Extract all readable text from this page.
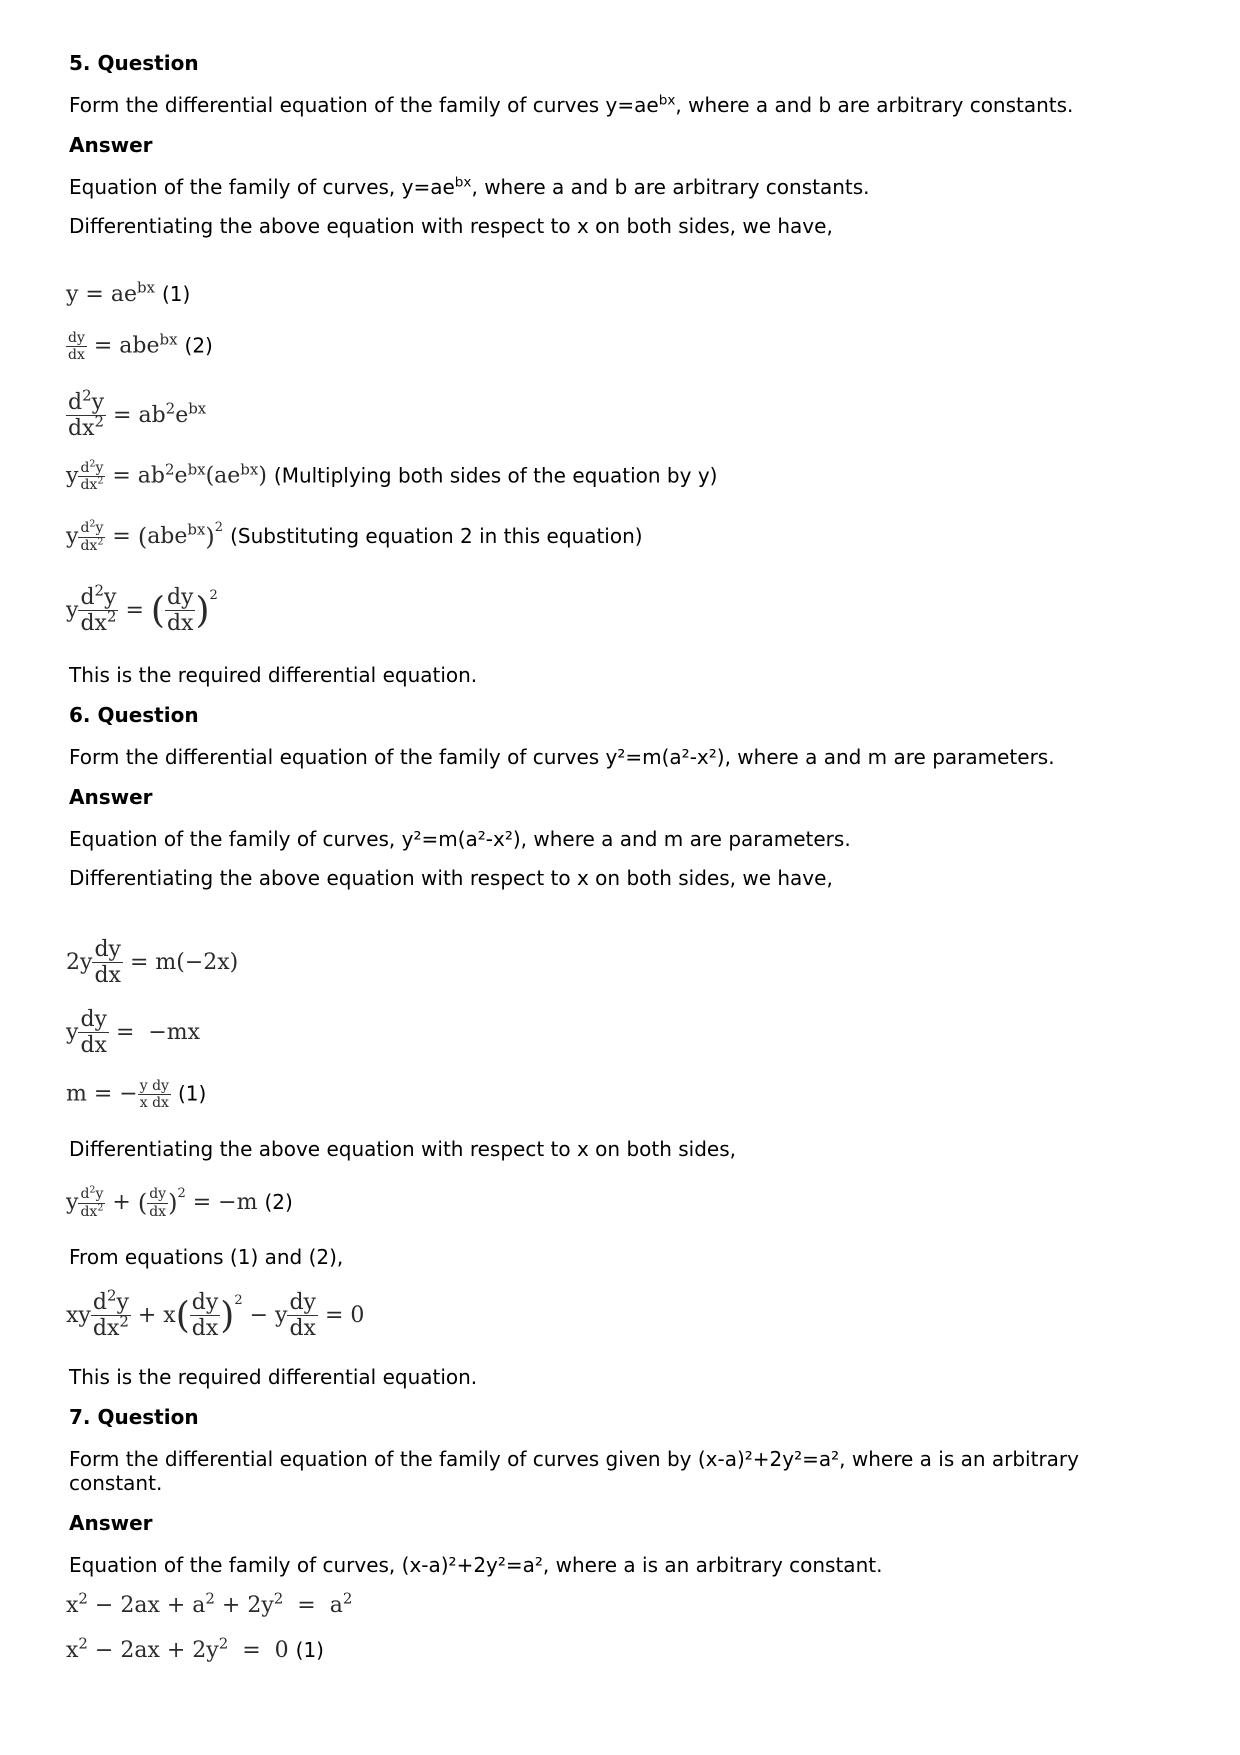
5. Question
Form the differential equation of the family of curves $y=ae^{bx}$, where a and b are arbitrary constants.
Answer
Equation of the family of curves, $y=ae^{bx}$, where a and b are arbitrary constants.
Differentiating the above equation with respect to x on both sides, we have,
$y = ae^{bx}$ (1)
$\frac{dy}{dx} = abe^{bx}$ (2)
$\frac{d^2y}{dx^2} = ab^2e^{bx}$
y $\frac{d^2y}{dx^2} = ab^2e^{bx}(ae^{bx})$ (Multiplying both sides of the equation by y)
y $\frac{d^2y}{dx^2} = (abe^{bx})^2$ (Substituting equation 2 in this equation)
y $\frac{d^2y}{dx^2}$ = ( $\frac{dy}{dx} )^2$
This is the required differential equation.
6. Question
Form the differential equation of the family of curves y²=m(a²-x²), where a and m are parameters.
Answer
Equation of the family of curves, y²=m(a²-x²), where a and m are parameters.
Differentiating the above equation with respect to x on both sides, we have,
$2y \frac{dy}{dx} = m(-2x)$
y $\frac{dy}{dx} = -mx$
m = − $\frac{\text{y dy}}{\text{x dx}} (1)$
Differentiating the above equation with respect to x on both sides,
y $\frac{d^2y}{dx^2}$ + ( $\frac{dy}{dx} )^2 = -m$ (2)
From equations (1) and (2),
xy $\frac{d^2y}{dx^2} + x( \frac{dy}{dx} )^2 - y \frac{dy}{dx} = 0$
This is the required differential equation.
7. Question
Form the differential equation of the family of curves given by (x-a)²+2y²=a², where a is an arbitrary
constant.
Answer
Equation of the family of curves, (x-a)²+2y²=a², where a is an arbitrary constant.
$x^2 - 2ax + a^2 + 2y^2 = a^2$
$x^2 - 2ax + 2y^2 = 0$ (1)
